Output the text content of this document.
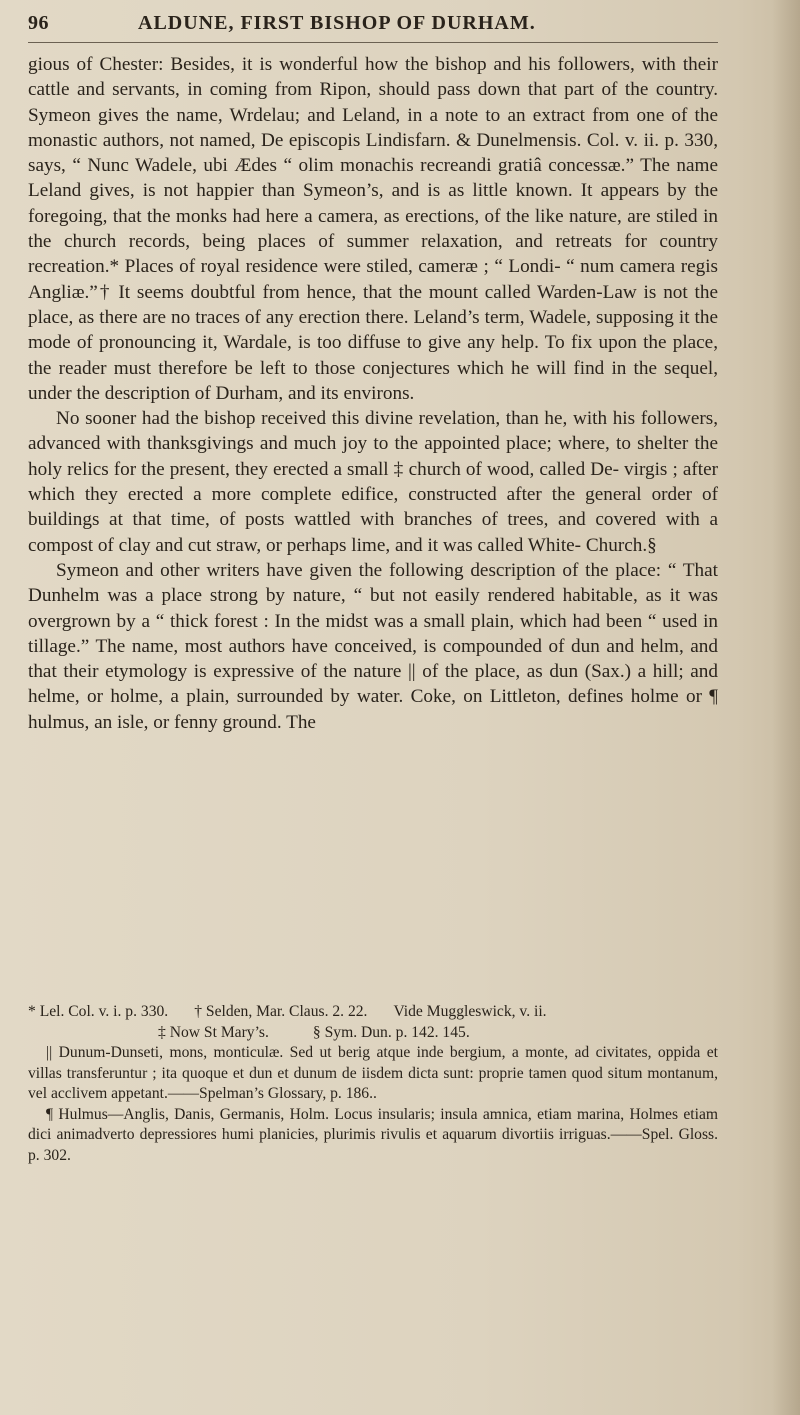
96	ALDUNE, FIRST BISHOP OF DURHAM.

gious of Chester: Besides, it is wonderful how the bishop and his followers, with their cattle and servants, in coming from Ripon, should pass down that part of the country. Symeon gives the name, Wrdelau; and Leland, in a note to an extract from one of the monastic authors, not named, De episcopis Lindisfarn. & Dunelmensis. Col. v. ii. p. 330, says, “ Nunc Wadele, ubi Ædes “ olim monachis recreandi gratiâ concessæ.” The name Leland gives, is not happier than Symeon’s, and is as little known. It appears by the foregoing, that the monks had here a camera, as erections, of the like nature, are stiled in the church records, being places of summer relaxation, and retreats for country recreation.* Places of royal residence were stiled, cameræ ; “ Londi- “ num camera regis Angliæ.”† It seems doubtful from hence, that the mount called Warden-Law is not the place, as there are no traces of any erection there. Leland’s term, Wadele, supposing it the mode of pronouncing it, Wardale, is too diffuse to give any help. To fix upon the place, the reader must therefore be left to those conjectures which he will find in the sequel, under the description of Durham, and its environs.

No sooner had the bishop received this divine revelation, than he, with his followers, advanced with thanksgivings and much joy to the appointed place; where, to shelter the holy relics for the present, they erected a small ‡ church of wood, called De- virgis ; after which they erected a more complete edifice, constructed after the general order of buildings at that time, of posts wattled with branches of trees, and covered with a compost of clay and cut straw, or perhaps lime, and it was called White- Church.§

Symeon and other writers have given the following description of the place: “ That Dunhelm was a place strong by nature, “ but not easily rendered habitable, as it was overgrown by a “ thick forest : In the midst was a small plain, which had been “ used in tillage.” The name, most authors have conceived, is compounded of dun and helm, and that their etymology is expressive of the nature || of the place, as dun (Sax.) a hill; and helme, or holme, a plain, surrounded by water. Coke, on Littleton, defines holme or ¶ hulmus, an isle, or fenny ground. The

* Lel. Col. v. i. p. 330. † Selden, Mar. Claus. 2. 22. Vide Muggleswick, v. ii.
‡ Now St Mary’s.	§ Sym. Dun. p. 142. 145.

|| Dunum-Dunseti, mons, monticulæ. Sed ut berig atque inde bergium, a monte, ad civitates, oppida et villas transferuntur ; ita quoque et dun et dunum de iisdem dicta sunt: proprie tamen quod situm montanum, vel acclivem appetant.——Spelman’s Glossary, p. 186..

¶ Hulmus—Anglis, Danis, Germanis, Holm. Locus insularis; insula amnica, etiam marina, Holmes etiam dici animadverto depressiores humi planicies, plurimis rivulis et aquarum divortiis irriguas.——Spel. Gloss. p. 302.
